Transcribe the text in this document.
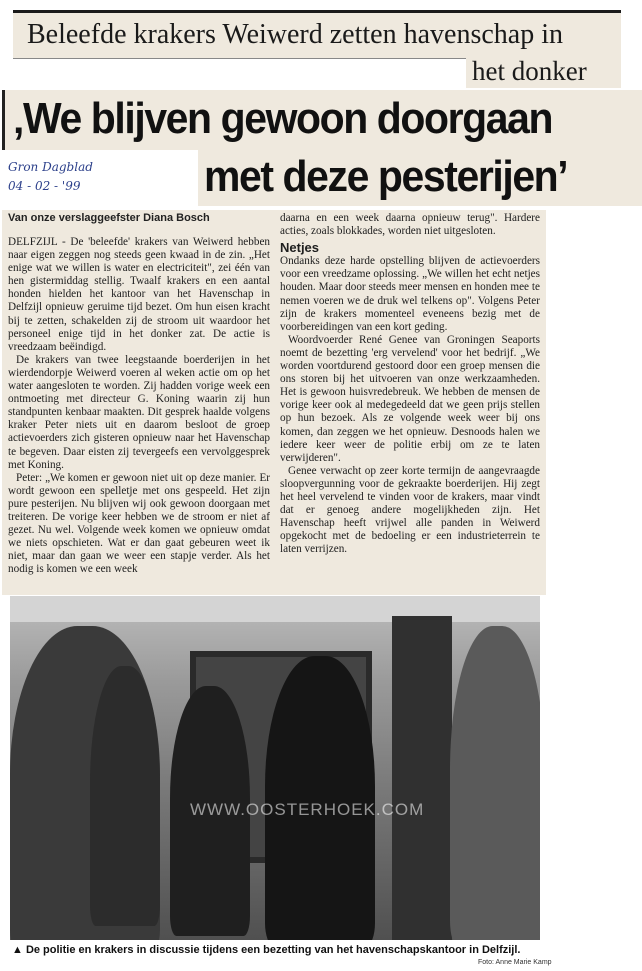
Beleefde krakers Weiwerd zetten havenschap in
het donker
‚We blijven gewoon doorgaan
met deze pesterijen’
Gron Dagblad
04 - 02 - '99
Van onze verslaggeefster Diana Bosch

DELFZIJL - De 'beleefde' krakers van Weiwerd hebben naar eigen zeggen nog steeds geen kwaad in de zin. „Het enige wat we willen is water en electriciteit", zei één van hen gistermiddag stellig. Twaalf krakers en een aantal honden hielden het kantoor van het Havenschap in Delfzijl opnieuw geruime tijd bezet. Om hun eisen kracht bij te zetten, schakelden zij de stroom uit waardoor het personeel enige tijd in het donker zat. De actie is vreedzaam beëindigd.

De krakers van twee leegstaande boerderijen in het wierdendorpje Weiwerd voeren al weken actie om op het water aangesloten te worden. Zij hadden vorige week een ontmoeting met directeur G. Koning waarin zij hun standpunten kenbaar maakten. Dit gesprek haalde volgens kraker Peter niets uit en daarom besloot de groep actievoerders zich gisteren opnieuw naar het Havenschap te begeven. Daar eisten zij tevergeefs een vervolggesprek met Koning.

Peter: „We komen er gewoon niet uit op deze manier. Er wordt gewoon een spelletje met ons gespeeld. Het zijn pure pesterijen. Nu blijven wij ook gewoon doorgaan met treiteren. De vorige keer hebben we de stroom er niet af gezet. Nu wel. Volgende week komen we opnieuw omdat we niets opschieten. Wat er dan gaat gebeuren weet ik niet, maar dan gaan we weer een stapje verder. Als het nodig is komen we een week

daarna en een week daarna opnieuw terug". Hardere acties, zoals blokkades, worden niet uitgesloten.

Netjes

Ondanks deze harde opstelling blijven de actievoerders voor een vreedzame oplossing. „We willen het echt netjes houden. Maar door steeds meer mensen en honden mee te nemen voeren we de druk wel telkens op". Volgens Peter zijn de krakers momenteel eveneens bezig met de voorbereidingen van een kort geding.

Woordvoerder René Genee van Groningen Seaports noemt de bezetting 'erg vervelend' voor het bedrijf. „We worden voortdurend gestoord door een groep mensen die ons storen bij het uitvoeren van onze werkzaamheden. Het is gewoon huisvredebreuk. We hebben de mensen de vorige keer ook al medegedeeld dat we geen prijs stellen op hun bezoek. Als ze volgende week weer bij ons komen, dan zeggen we het opnieuw. Desnoods halen we iedere keer weer de politie erbij om ze te laten verwijderen".

Genee verwacht op zeer korte termijn de aangevraagde sloopvergunning voor de gekraakte boerderijen. Hij zegt het heel vervelend te vinden voor de krakers, maar vindt dat er genoeg andere mogelijkheden zijn. Het Havenschap heeft vrijwel alle panden in Weiwerd opgekocht met de bedoeling er een industrieterrein te laten verrijzen.

WWW.OOSTERHOEK.COM
▲ De politie en krakers in discussie tijdens een bezetting van het havenschapskantoor in Delfzijl.
Foto: Anne Marie Kamp
